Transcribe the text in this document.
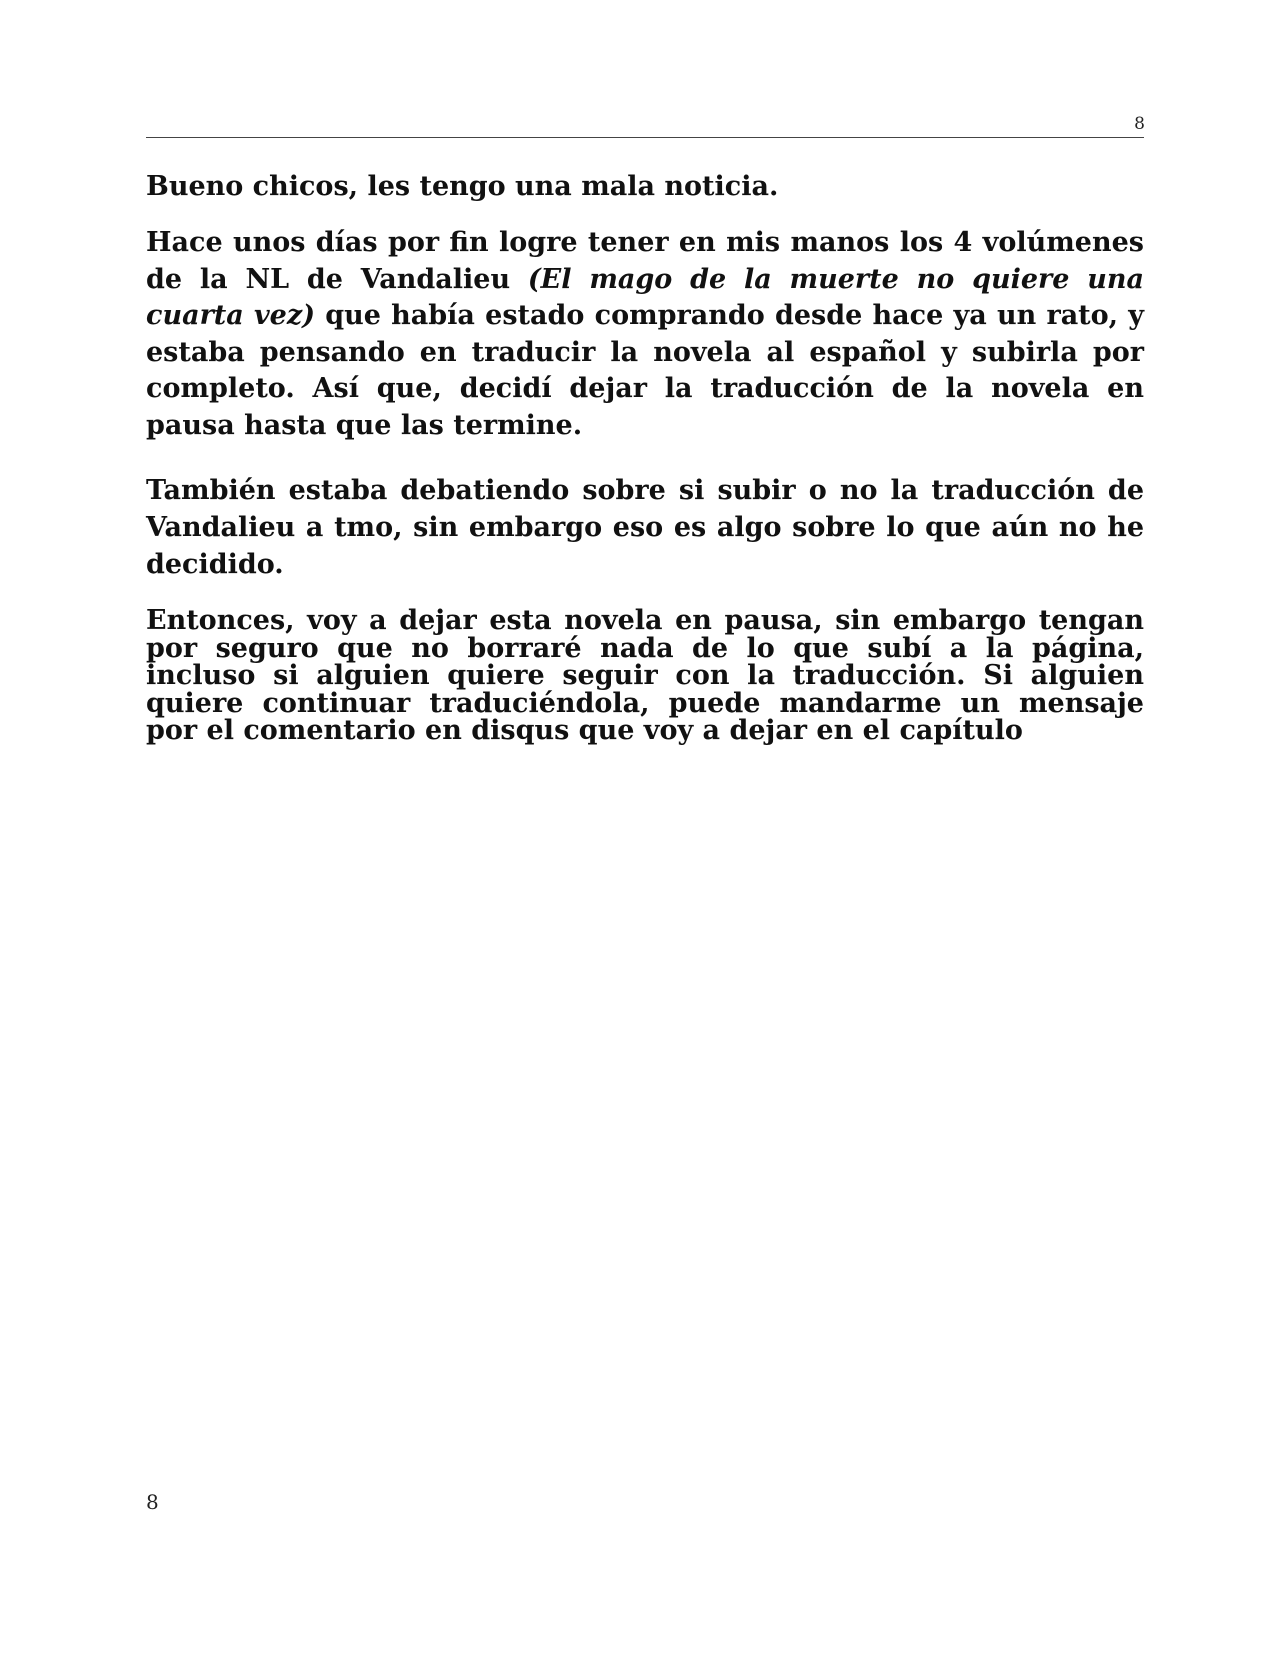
8

Bueno chicos, les tengo una mala noticia.

Hace unos días por fin logre tener en mis manos los 4 volúmenes de la NL de Vandalieu (El mago de la muerte no quiere una cuarta vez) que había estado comprando desde hace ya un rato, y estaba pensando en traducir la novela al español y subirla por completo. Así que, decidí dejar la traducción de la novela en pausa hasta que las termine.

También estaba debatiendo sobre si subir o no la traducción de Vandalieu a tmo, sin embargo eso es algo sobre lo que aún no he decidido.

Entonces, voy a dejar esta novela en pausa, sin embargo tengan por seguro que no borraré nada de lo que subí a la página, incluso si alguien quiere seguir con la traducción. Si alguien quiere continuar traduciéndola, puede mandarme un mensaje por el comentario en disqus que voy a dejar en el capítulo

8
